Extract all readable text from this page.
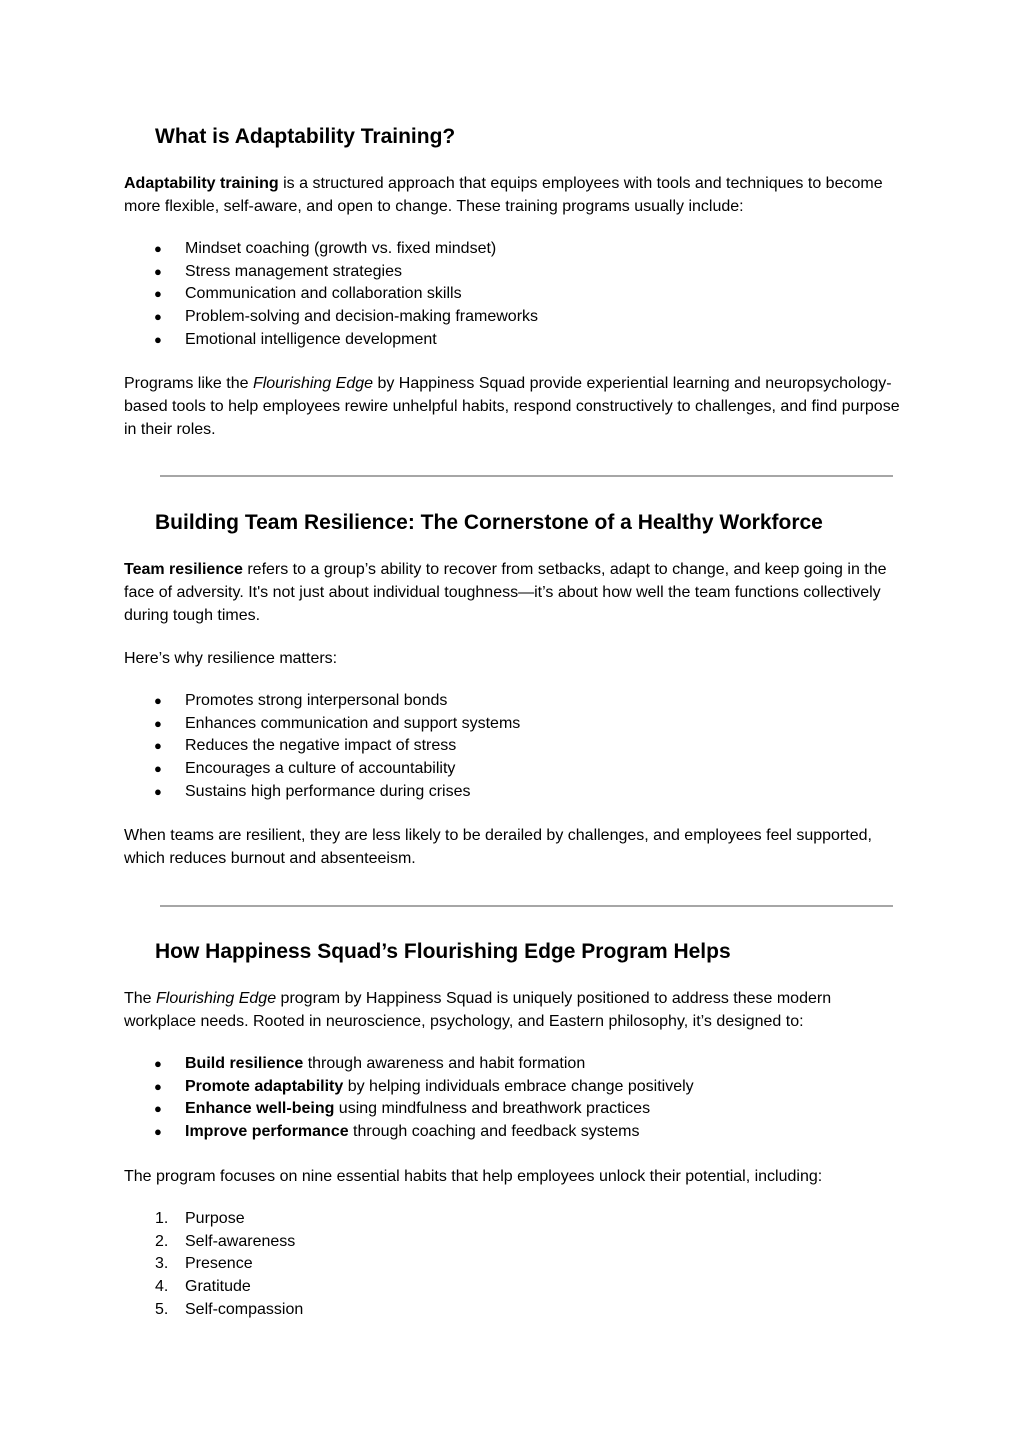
What is Adaptability Training?

Adaptability training is a structured approach that equips employees with tools and techniques to become more flexible, self-aware, and open to change. These training programs usually include:

● Mindset coaching (growth vs. fixed mindset)
● Stress management strategies
● Communication and collaboration skills
● Problem-solving and decision-making frameworks
● Emotional intelligence development

Programs like the Flourishing Edge by Happiness Squad provide experiential learning and neuropsychology-based tools to help employees rewire unhelpful habits, respond constructively to challenges, and find purpose in their roles.

Building Team Resilience: The Cornerstone of a Healthy Workforce

Team resilience refers to a group’s ability to recover from setbacks, adapt to change, and keep going in the face of adversity. It's not just about individual toughness—it’s about how well the team functions collectively during tough times.

Here’s why resilience matters:

● Promotes strong interpersonal bonds
● Enhances communication and support systems
● Reduces the negative impact of stress
● Encourages a culture of accountability
● Sustains high performance during crises

When teams are resilient, they are less likely to be derailed by challenges, and employees feel supported, which reduces burnout and absenteeism.

How Happiness Squad’s Flourishing Edge Program Helps

The Flourishing Edge program by Happiness Squad is uniquely positioned to address these modern workplace needs. Rooted in neuroscience, psychology, and Eastern philosophy, it’s designed to:

● Build resilience through awareness and habit formation
● Promote adaptability by helping individuals embrace change positively
● Enhance well-being using mindfulness and breathwork practices
● Improve performance through coaching and feedback systems

The program focuses on nine essential habits that help employees unlock their potential, including:

1. Purpose
2. Self-awareness
3. Presence
4. Gratitude
5. Self-compassion
